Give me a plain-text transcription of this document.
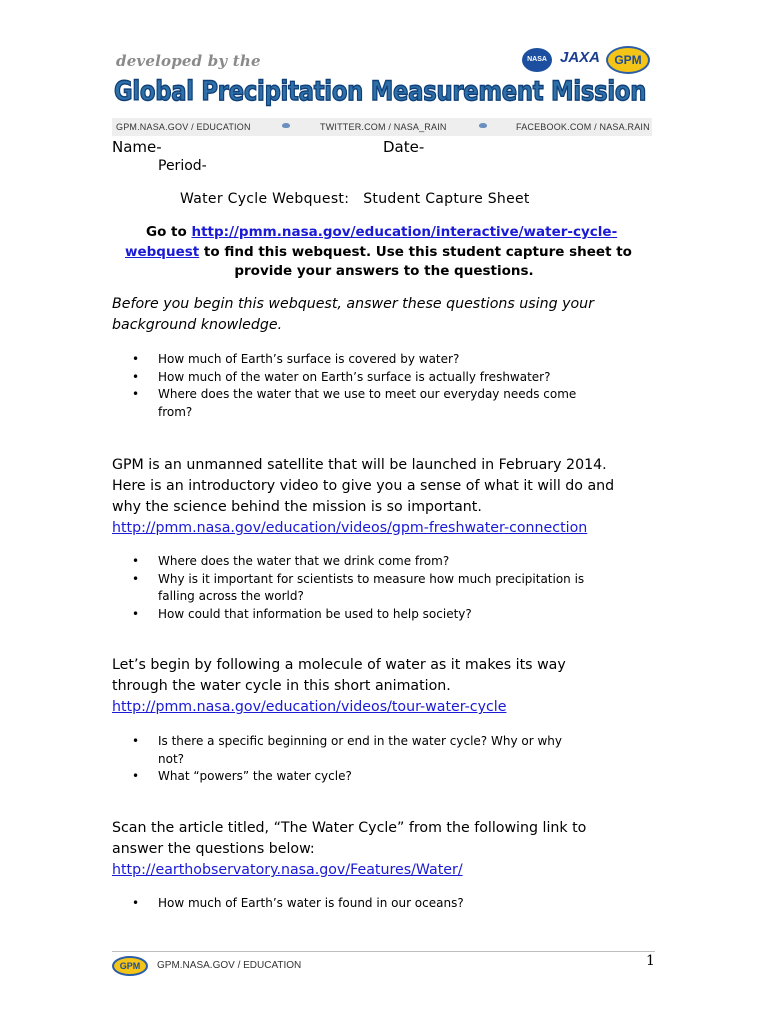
developed by the
Global Precipitation Measurement Mission
NASA JAXA	GPM
GPM.NASA.GOV / EDUCATION	TWITTER.COM / NASA_RAIN	FACEBOOK.COM / NASA.RAIN
Name-	Date-
Period-
Water Cycle Webquest: Student Capture Sheet
Go to http://pmm.nasa.gov/education/interactive/water-cycle-
webquest to find this webquest. Use this student capture sheet to
provide your answers to the questions.
Before you begin this webquest, answer these questions using your
background knowledge.
• How much of Earth’s surface is covered by water?
• How much of the water on Earth’s surface is actually freshwater?
• Where does the water that we use to meet our everyday needs come
from?
GPM is an unmanned satellite that will be launched in February 2014.
Here is an introductory video to give you a sense of what it will do and
why the science behind the mission is so important.
http://pmm.nasa.gov/education/videos/gpm-freshwater-connection
• Where does the water that we drink come from?
• Why is it important for scientists to measure how much precipitation is
falling across the world?
• How could that information be used to help society?
Let’s begin by following a molecule of water as it makes its way
through the water cycle in this short animation.
http://pmm.nasa.gov/education/videos/tour-water-cycle
• Is there a specific beginning or end in the water cycle? Why or why
not?
• What “powers” the water cycle?
Scan the article titled, “The Water Cycle” from the following link to
answer the questions below:
http://earthobservatory.nasa.gov/Features/Water/
• How much of Earth’s water is found in our oceans?
GPM	GPM.NASA.GOV / EDUCATION	1
